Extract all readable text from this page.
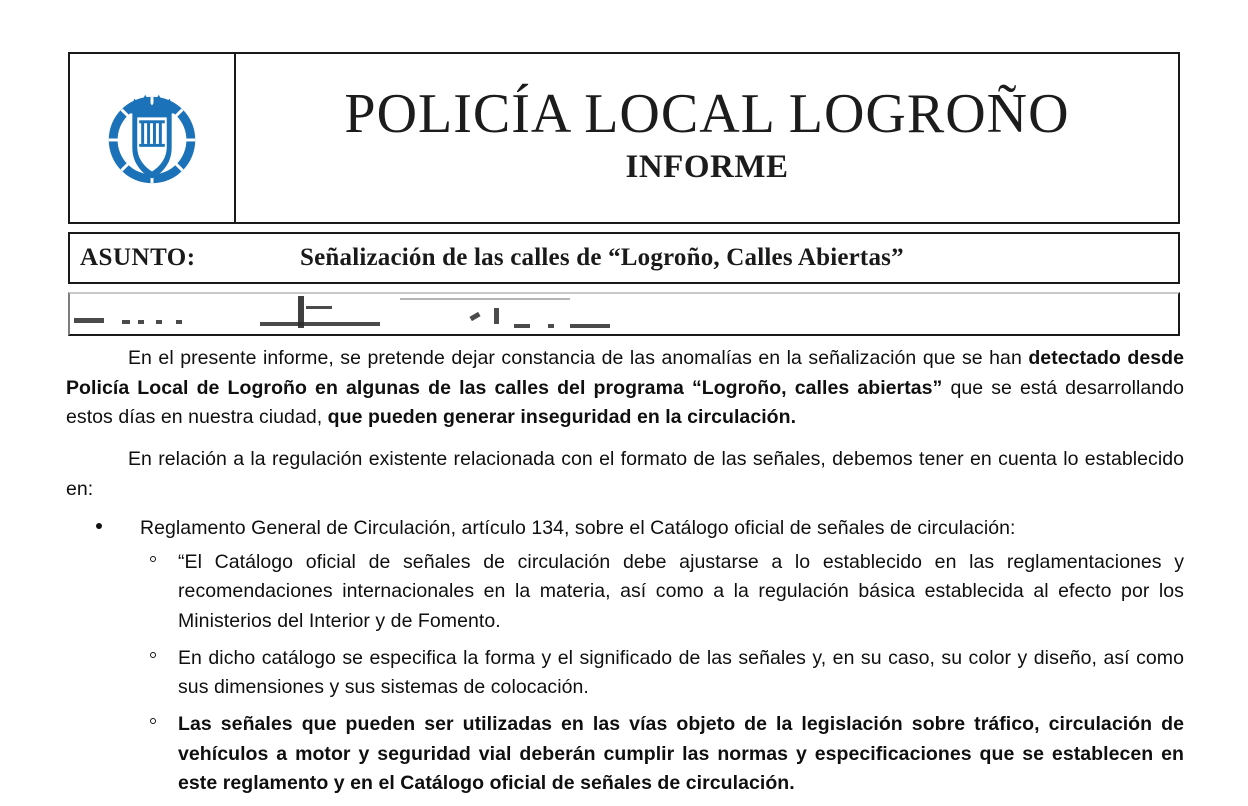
POLICÍA LOCAL LOGROÑO
INFORME
ASUNTO:	Señalización de las calles de “Logroño, Calles Abiertas”

En el presente informe, se pretende dejar constancia de las anomalías en la señalización que se han detectado desde Policía Local de Logroño en algunas de las calles del programa “Logroño, calles abiertas” que se está desarrollando estos días en nuestra ciudad, que pueden generar inseguridad en la circulación.

En relación a la regulación existente relacionada con el formato de las señales, debemos tener en cuenta lo establecido en:

Reglamento General de Circulación, artículo 134, sobre el Catálogo oficial de señales de circulación:
“El Catálogo oficial de señales de circulación debe ajustarse a lo establecido en las reglamentaciones y recomendaciones internacionales en la materia, así como a la regulación básica establecida al efecto por los Ministerios del Interior y de Fomento.
En dicho catálogo se especifica la forma y el significado de las señales y, en su caso, su color y diseño, así como sus dimensiones y sus sistemas de colocación.
Las señales que pueden ser utilizadas en las vías objeto de la legislación sobre tráfico, circulación de vehículos a motor y seguridad vial deberán cumplir las normas y especificaciones que se establecen en este reglamento y en el Catálogo oficial de señales de circulación.
